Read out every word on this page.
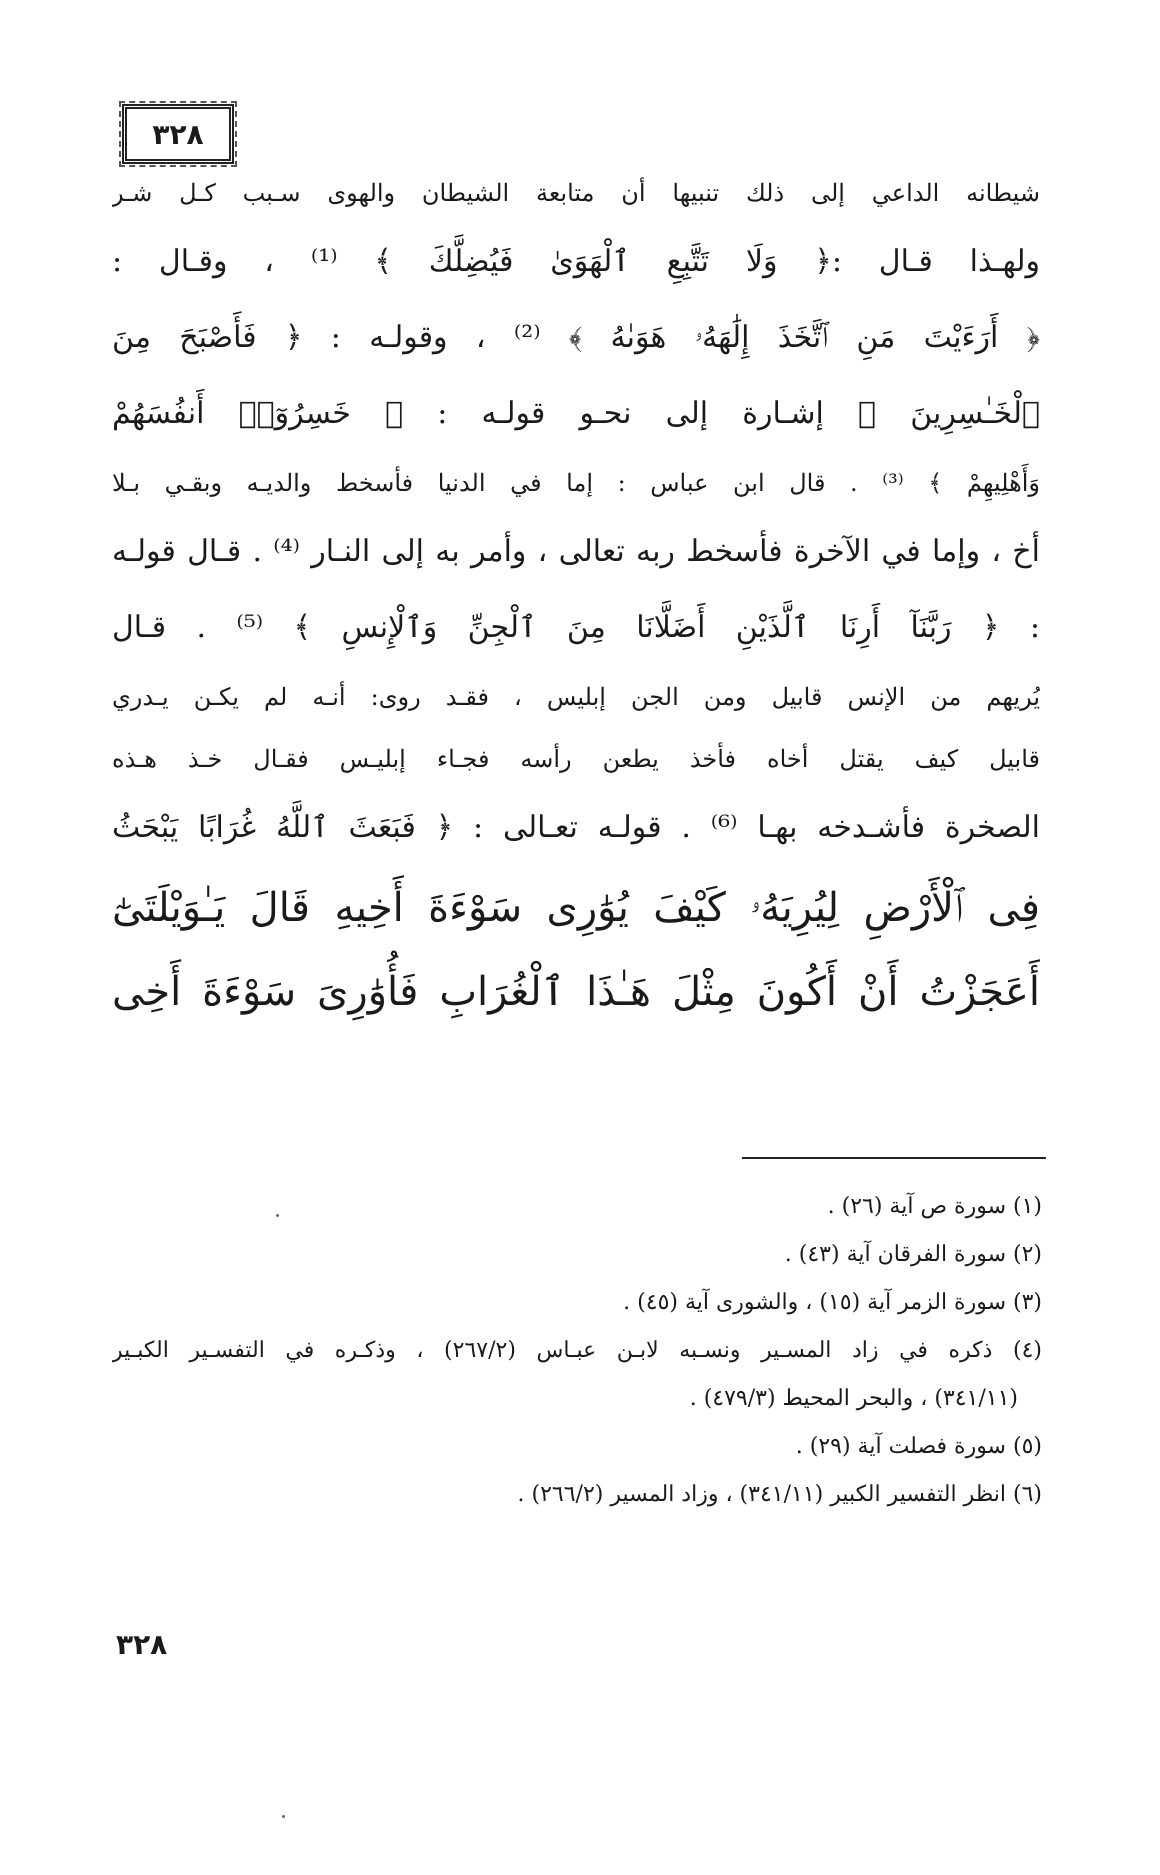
٣٢٨
شيطانه الداعي إلى ذلك تنبيها أن متابعة الشيطان والهوى سـبب كـل شـر
ولهـذا قـال :﴿ وَلَا تَتَّبِعِ ٱلْهَوَىٰ فَيُضِلَّكَ ﴾ ⁽¹⁾ ، وقـال :
﴿ أَرَءَيْتَ مَنِ ٱتَّخَذَ إِلَٰهَهُۥ هَوَىٰهُ ﴾ ⁽²⁾ ، وقولـه : ﴿ فَأَصْبَحَ مِنَ
ٱلْخَـٰسِرِينَ ﴾ إشـارة إلى نحـو قولـه : ﴿ خَسِرُوٓا۟ أَنفُسَهُمْ
وَأَهْلِيهِمْ ﴾ ⁽³⁾ . قال ابن عباس : إما في الدنيا فأسخط والديـه وبقـي بـلا
أخ ، وإما في الآخرة فأسخط ربه تعالى ، وأمر به إلى النـار ⁽⁴⁾ . قـال قولـه
: ﴿ رَبَّنَآ أَرِنَا ٱلَّذَيْنِ أَضَلَّانَا مِنَ ٱلْجِنِّ وَٱلْإِنسِ ﴾ ⁽⁵⁾ . قـال
يُريهم من الإنس قابيل ومن الجن إبليس ، فقـد روى: أنـه لم يكـن يـدري
قابيل كيف يقتل أخاه فأخذ يطعن رأسه فجـاء إبليـس فقـال خـذ هـذه
الصخرة فأشـدخه بهـا ⁽⁶⁾ . قولـه تعـالى : ﴿ فَبَعَثَ ٱللَّهُ غُرَابًا يَبْحَثُ
فِى ٱلْأَرْضِ لِيُرِيَهُۥ كَيْفَ يُوَٰرِى سَوْءَةَ أَخِيهِ قَالَ يَـٰوَيْلَتَىٰٓ
أَعَجَزْتُ أَنْ أَكُونَ مِثْلَ هَـٰذَا ٱلْغُرَابِ فَأُوَٰرِىَ سَوْءَةَ أَخِى
(١) سورة ص آية (٢٦) .
(٢) سورة الفرقان آية (٤٣) .
(٣) سورة الزمر آية (١٥) ، والشورى آية (٤٥) .
(٤) ذكره في زاد المسـير ونسـبه لابـن عبـاس (٢٦٧/٢) ، وذكـره في التفسـير الكبـير
(٣٤١/١١) ، والبحر المحيط (٤٧٩/٣) .
(٥) سورة فصلت آية (٢٩) .
(٦) انظر التفسير الكبير (٣٤١/١١) ، وزاد المسير (٢٦٦/٢) .
٣٢٨
